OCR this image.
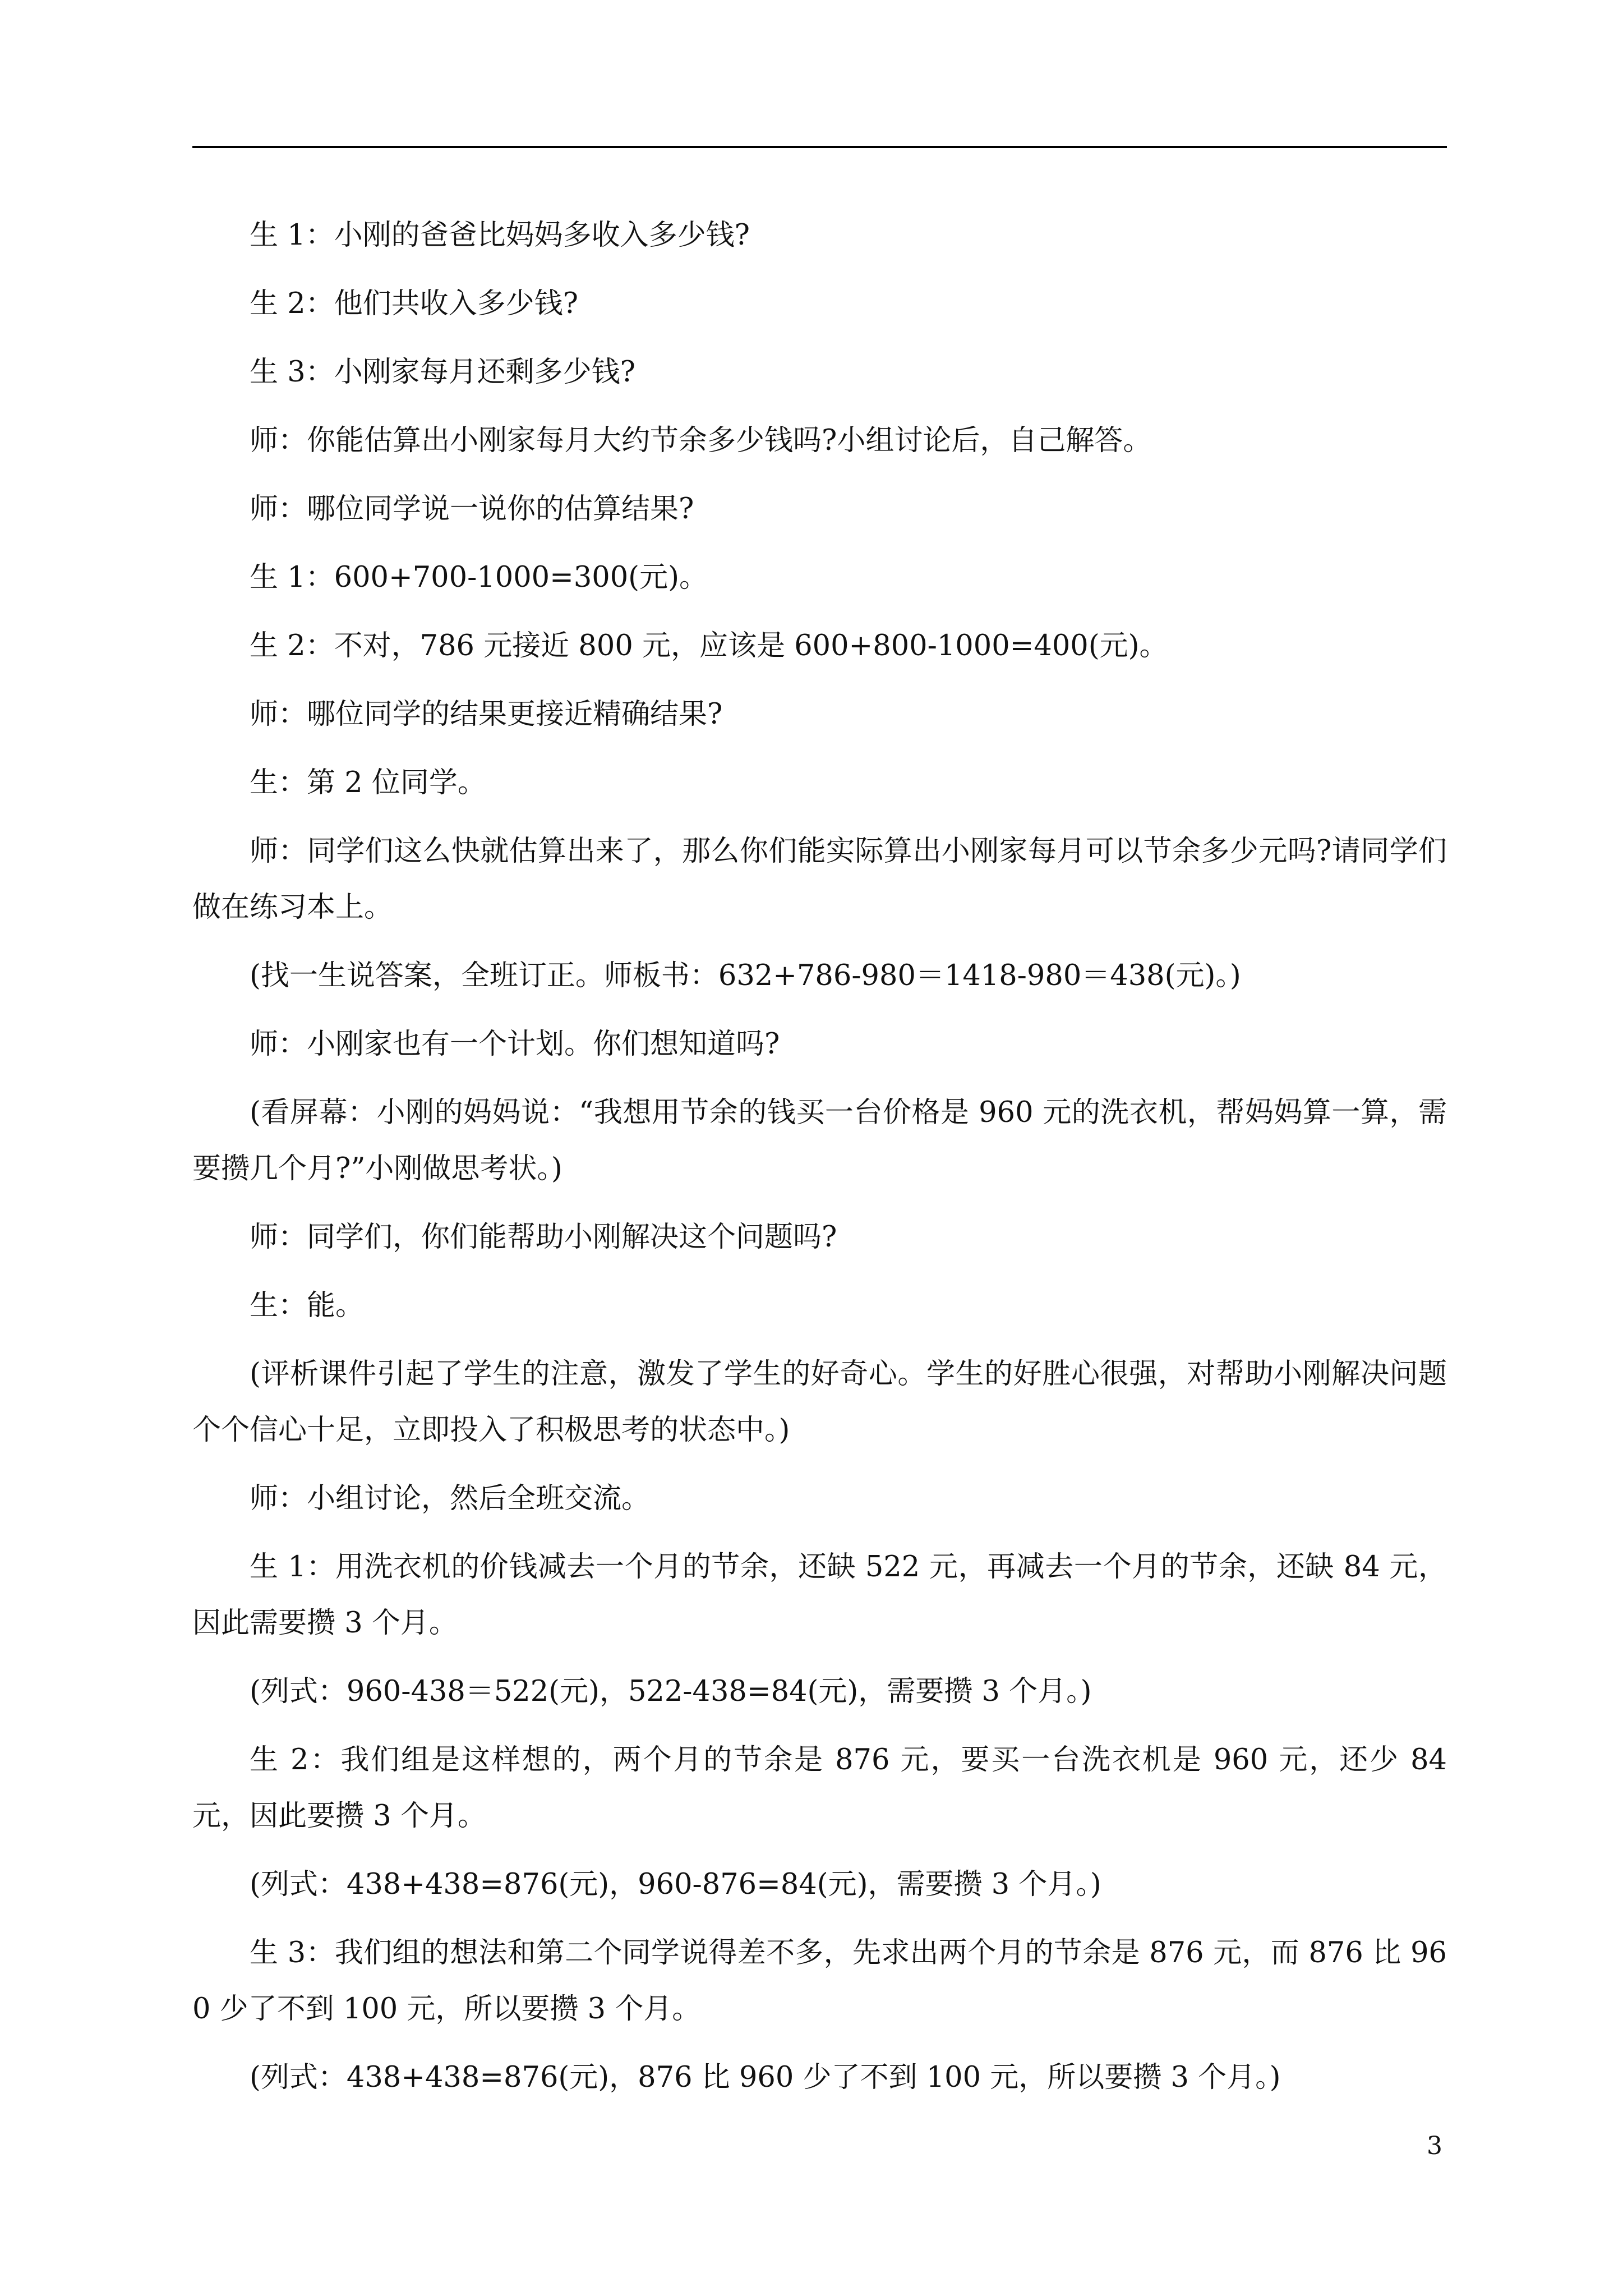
生 1：小刚的爸爸比妈妈多收入多少钱?

生 2：他们共收入多少钱?

生 3：小刚家每月还剩多少钱?

师：你能估算出小刚家每月大约节余多少钱吗?小组讨论后，自己解答。

师：哪位同学说一说你的估算结果?

生 1：600+700-1000=300(元)。

生 2：不对，786 元接近 800 元，应该是 600+800-1000=400(元)。

师：哪位同学的结果更接近精确结果?

生：第 2 位同学。

师：同学们这么快就估算出来了，那么你们能实际算出小刚家每月可以节余多少元吗?请同学们做在练习本上。

(找一生说答案，全班订正。师板书：632+786-980＝1418-980＝438(元)。)

师：小刚家也有一个计划。你们想知道吗?

(看屏幕：小刚的妈妈说：“我想用节余的钱买一台价格是 960 元的洗衣机，帮妈妈算一算，需要攒几个月?”小刚做思考状。)

师：同学们，你们能帮助小刚解决这个问题吗?

生：能。

(评析课件引起了学生的注意，激发了学生的好奇心。学生的好胜心很强，对帮助小刚解决问题个个信心十足，立即投入了积极思考的状态中。)

师：小组讨论，然后全班交流。

生 1：用洗衣机的价钱减去一个月的节余，还缺 522 元，再减去一个月的节余，还缺 84 元，因此需要攒 3 个月。

(列式：960-438＝522(元)，522-438=84(元)，需要攒 3 个月。)

生 2：我们组是这样想的，两个月的节余是 876 元，要买一台洗衣机是 960 元，还少 84 元，因此要攒 3 个月。

(列式：438+438=876(元)，960-876=84(元)，需要攒 3 个月。)

生 3：我们组的想法和第二个同学说得差不多，先求出两个月的节余是 876 元，而 876 比 960 少了不到 100 元，所以要攒 3 个月。

(列式：438+438=876(元)，876 比 960 少了不到 100 元，所以要攒 3 个月。)

3
